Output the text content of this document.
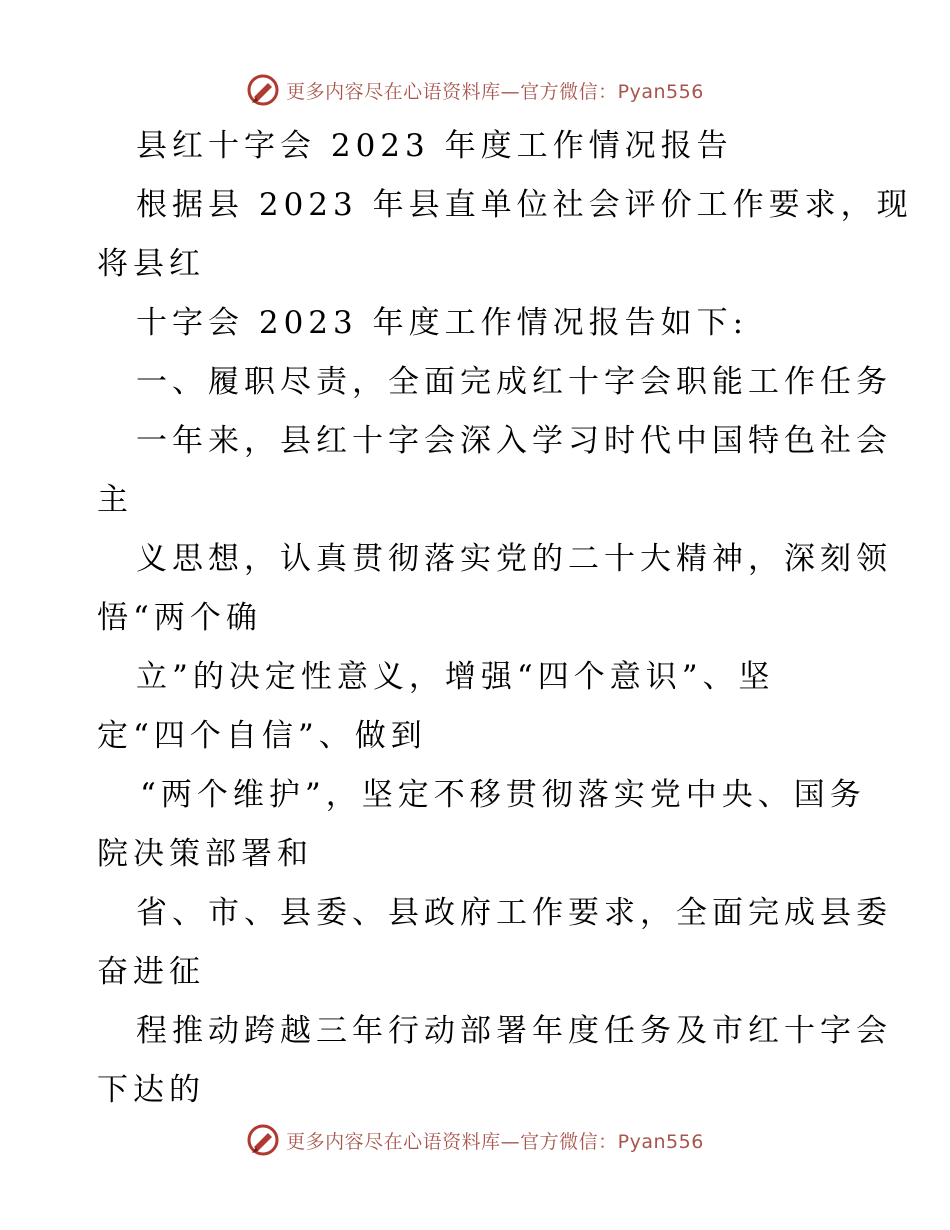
更多内容尽在心语资料库—官方微信：Pyan556
县红十字会 2023 年度工作情况报告
根据县 2023 年县直单位社会评价工作要求，现
将县红
十字会 2023 年度工作情况报告如下:
一、履职尽责，全面完成红十字会职能工作任务
一年来，县红十字会深入学习时代中国特色社会
主
义思想，认真贯彻落实党的二十大精神，深刻领
悟“两个确
立”的决定性意义，增强“四个意识”、坚
定“四个自信”、做到
“两个维护”，坚定不移贯彻落实党中央、国务
院决策部署和
省、市、县委、县政府工作要求，全面完成县委
奋进征
程推动跨越三年行动部署年度任务及市红十字会
下达的
更多内容尽在心语资料库—官方微信：Pyan556
